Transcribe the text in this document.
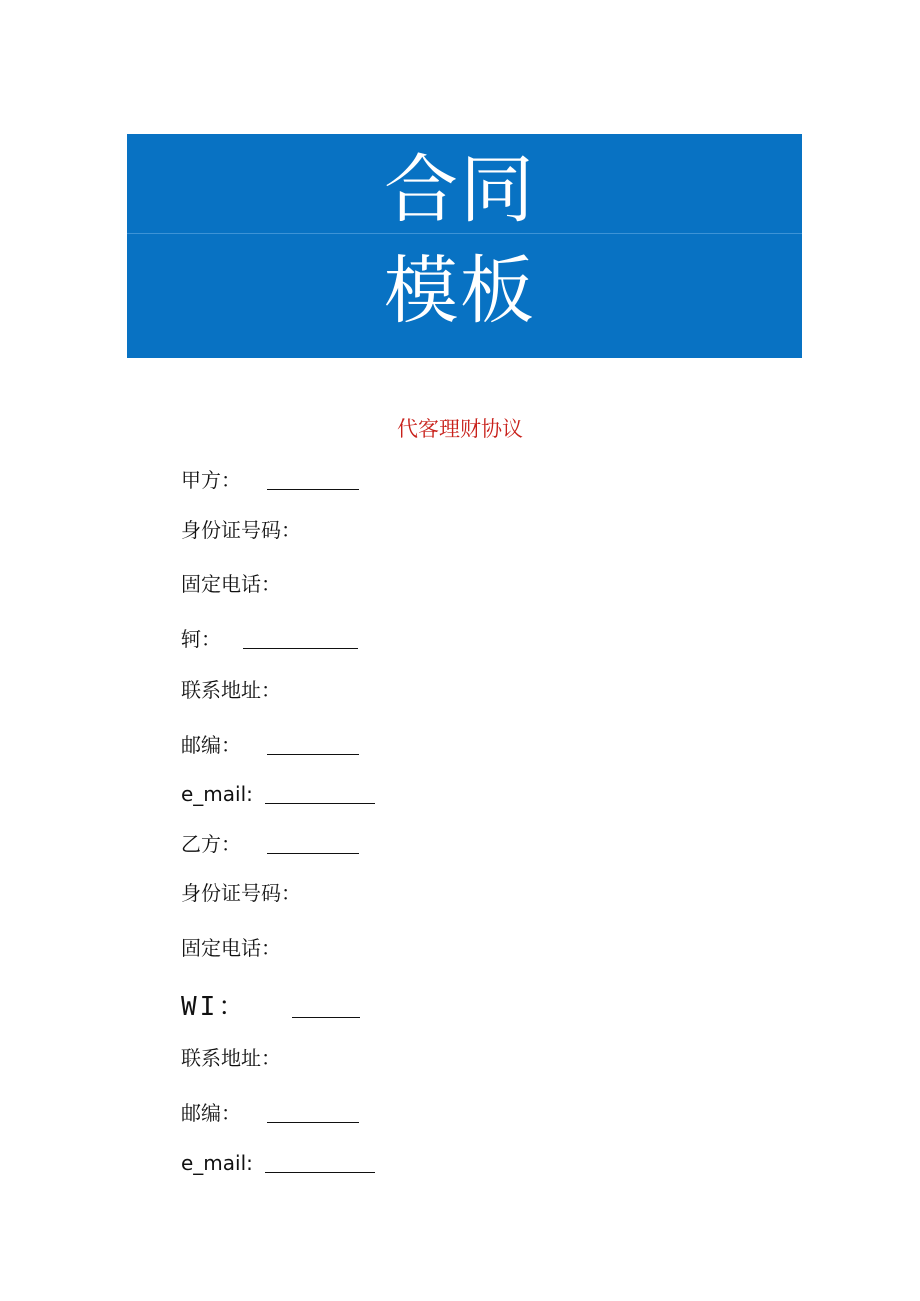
合同
模板
代客理财协议
甲方：
身份证号码：
固定电话：
轲：
联系地址：
邮编：
e_mail:
乙方：
身份证号码：
固定电话：
WI：
联系地址：
邮编：
e_mail:
